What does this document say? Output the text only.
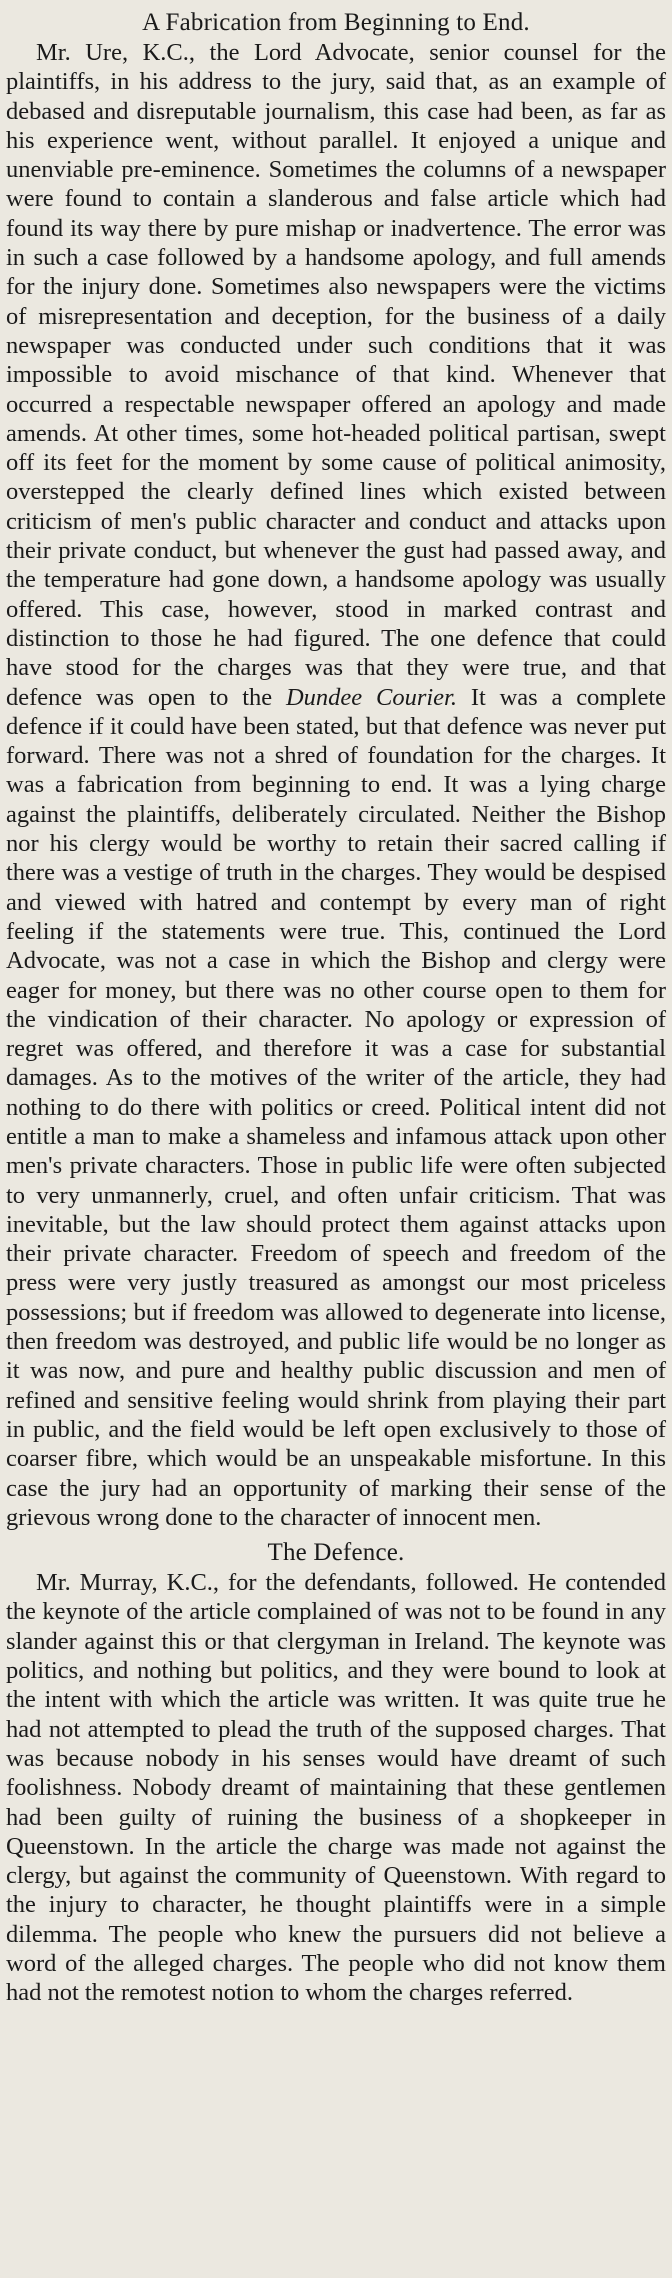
A Fabrication from Beginning to End.

Mr. Ure, K.C., the Lord Advocate, senior counsel for the plaintiffs, in his address to the jury, said that, as an example of debased and disreputable journalism, this case had been, as far as his experience went, without parallel. It enjoyed a unique and unenviable pre-eminence. Sometimes the columns of a newspaper were found to contain a slanderous and false article which had found its way there by pure mishap or inadvertence. The error was in such a case followed by a handsome apology, and full amends for the injury done. Sometimes also newspapers were the victims of misrepresentation and deception, for the business of a daily newspaper was conducted under such conditions that it was impossible to avoid mischance of that kind. Whenever that occurred a respectable newspaper offered an apology and made amends. At other times, some hot-headed political partisan, swept off its feet for the moment by some cause of political animosity, overstepped the clearly defined lines which existed between criticism of men's public character and conduct and attacks upon their private conduct, but whenever the gust had passed away, and the temperature had gone down, a handsome apology was usually offered. This case, however, stood in marked contrast and distinction to those he had figured. The one defence that could have stood for the charges was that they were true, and that defence was open to the Dundee Courier. It was a complete defence if it could have been stated, but that defence was never put forward. There was not a shred of foundation for the charges. It was a fabrication from beginning to end. It was a lying charge against the plaintiffs, deliberately circulated. Neither the Bishop nor his clergy would be worthy to retain their sacred calling if there was a vestige of truth in the charges. They would be despised and viewed with hatred and contempt by every man of right feeling if the statements were true. This, continued the Lord Advocate, was not a case in which the Bishop and clergy were eager for money, but there was no other course open to them for the vindication of their character. No apology or expression of regret was offered, and therefore it was a case for substantial damages. As to the motives of the writer of the article, they had nothing to do there with politics or creed. Political intent did not entitle a man to make a shameless and infamous attack upon other men's private characters. Those in public life were often subjected to very unmannerly, cruel, and often unfair criticism. That was inevitable, but the law should protect them against attacks upon their private character. Freedom of speech and freedom of the press were very justly treasured as amongst our most priceless possessions; but if freedom was allowed to degenerate into license, then freedom was destroyed, and public life would be no longer as it was now, and pure and healthy public discussion and men of refined and sensitive feeling would shrink from playing their part in public, and the field would be left open exclusively to those of coarser fibre, which would be an unspeakable misfortune. In this case the jury had an opportunity of marking their sense of the grievous wrong done to the character of innocent men.

The Defence.

Mr. Murray, K.C., for the defendants, followed. He contended the keynote of the article complained of was not to be found in any slander against this or that clergyman in Ireland. The keynote was politics, and nothing but politics, and they were bound to look at the intent with which the article was written. It was quite true he had not attempted to plead the truth of the supposed charges. That was because nobody in his senses would have dreamt of such foolishness. Nobody dreamt of maintaining that these gentlemen had been guilty of ruining the business of a shopkeeper in Queenstown. In the article the charge was made not against the clergy, but against the community of Queenstown. With regard to the injury to character, he thought plaintiffs were in a simple dilemma. The people who knew the pursuers did not believe a word of the alleged charges. The people who did not know them had not the remotest notion to whom the charges referred.
